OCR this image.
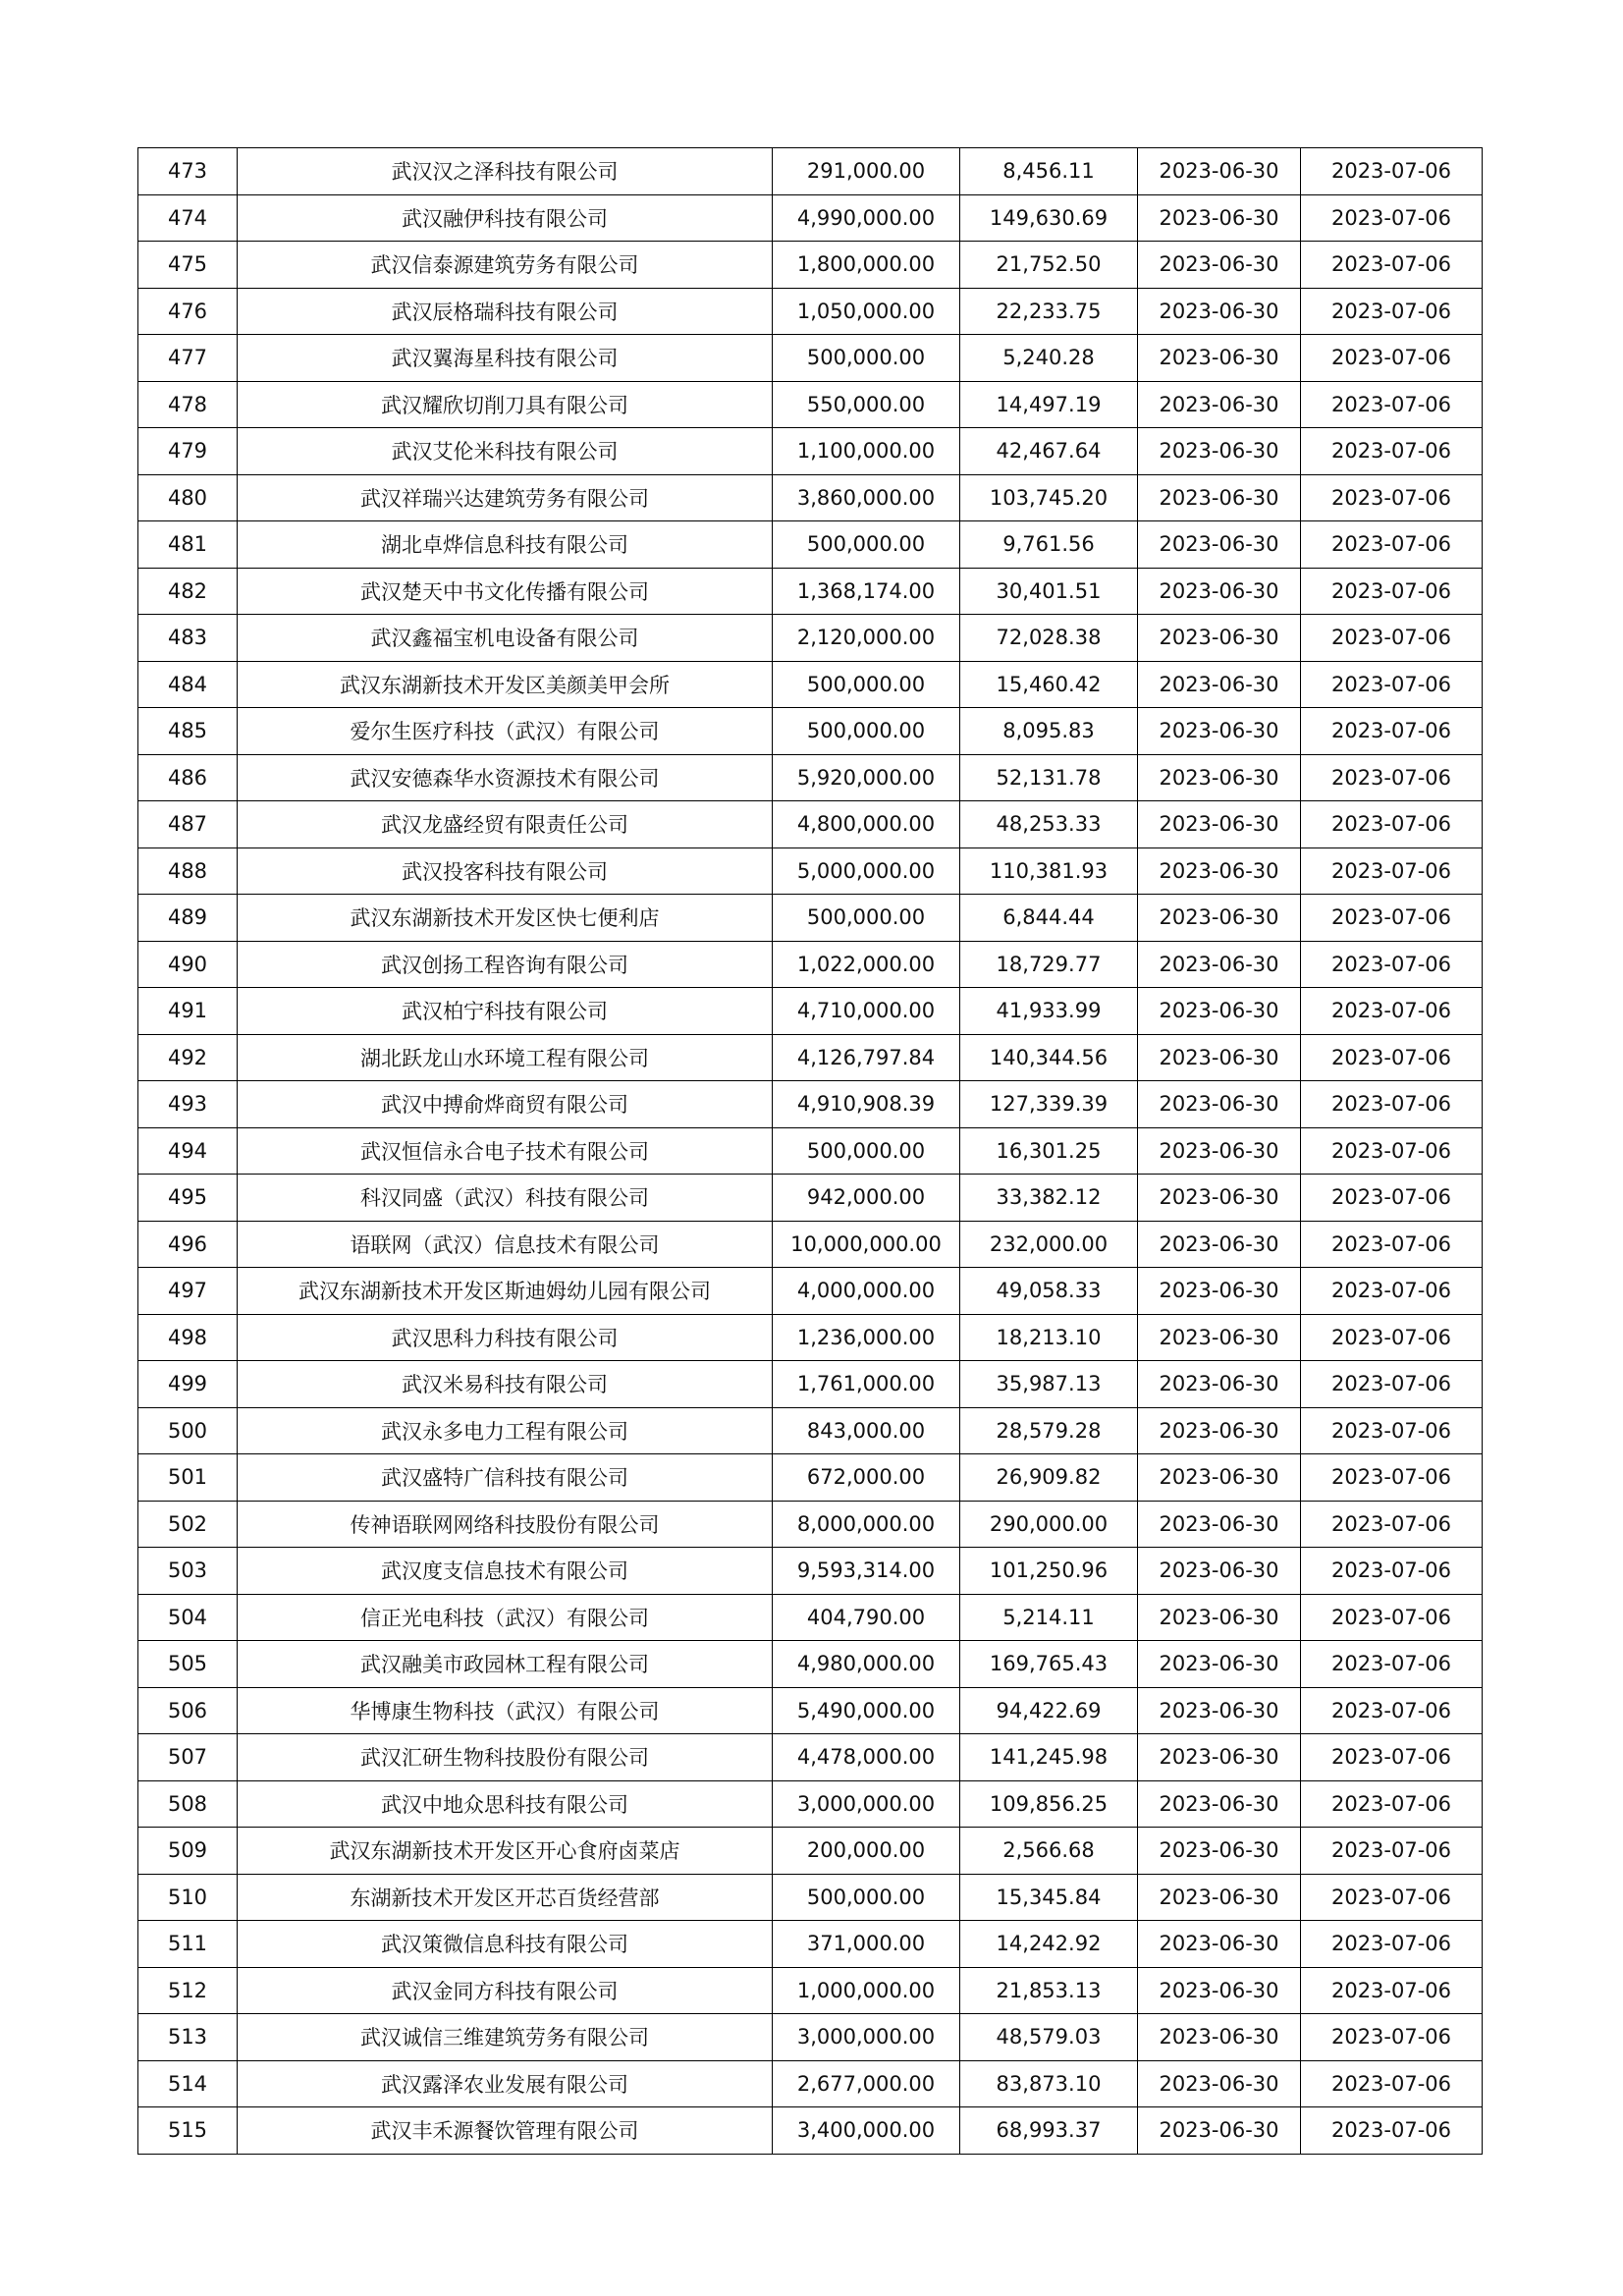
473	武汉汉之泽科技有限公司	291,000.00	8,456.11	2023-06-30	2023-07-06
474	武汉融伊科技有限公司	4,990,000.00	149,630.69	2023-06-30	2023-07-06
475	武汉信泰源建筑劳务有限公司	1,800,000.00	21,752.50	2023-06-30	2023-07-06
476	武汉辰格瑞科技有限公司	1,050,000.00	22,233.75	2023-06-30	2023-07-06
477	武汉翼海星科技有限公司	500,000.00	5,240.28	2023-06-30	2023-07-06
478	武汉耀欣切削刀具有限公司	550,000.00	14,497.19	2023-06-30	2023-07-06
479	武汉艾伦米科技有限公司	1,100,000.00	42,467.64	2023-06-30	2023-07-06
480	武汉祥瑞兴达建筑劳务有限公司	3,860,000.00	103,745.20	2023-06-30	2023-07-06
481	湖北卓烨信息科技有限公司	500,000.00	9,761.56	2023-06-30	2023-07-06
482	武汉楚天中书文化传播有限公司	1,368,174.00	30,401.51	2023-06-30	2023-07-06
483	武汉鑫福宝机电设备有限公司	2,120,000.00	72,028.38	2023-06-30	2023-07-06
484	武汉东湖新技术开发区美颜美甲会所	500,000.00	15,460.42	2023-06-30	2023-07-06
485	爱尔生医疗科技（武汉）有限公司	500,000.00	8,095.83	2023-06-30	2023-07-06
486	武汉安德森华水资源技术有限公司	5,920,000.00	52,131.78	2023-06-30	2023-07-06
487	武汉龙盛经贸有限责任公司	4,800,000.00	48,253.33	2023-06-30	2023-07-06
488	武汉投客科技有限公司	5,000,000.00	110,381.93	2023-06-30	2023-07-06
489	武汉东湖新技术开发区快七便利店	500,000.00	6,844.44	2023-06-30	2023-07-06
490	武汉创扬工程咨询有限公司	1,022,000.00	18,729.77	2023-06-30	2023-07-06
491	武汉柏宁科技有限公司	4,710,000.00	41,933.99	2023-06-30	2023-07-06
492	湖北跃龙山水环境工程有限公司	4,126,797.84	140,344.56	2023-06-30	2023-07-06
493	武汉中搏俞烨商贸有限公司	4,910,908.39	127,339.39	2023-06-30	2023-07-06
494	武汉恒信永合电子技术有限公司	500,000.00	16,301.25	2023-06-30	2023-07-06
495	科汉同盛（武汉）科技有限公司	942,000.00	33,382.12	2023-06-30	2023-07-06
496	语联网（武汉）信息技术有限公司	10,000,000.00	232,000.00	2023-06-30	2023-07-06
497	武汉东湖新技术开发区斯迪姆幼儿园有限公司	4,000,000.00	49,058.33	2023-06-30	2023-07-06
498	武汉思科力科技有限公司	1,236,000.00	18,213.10	2023-06-30	2023-07-06
499	武汉米易科技有限公司	1,761,000.00	35,987.13	2023-06-30	2023-07-06
500	武汉永多电力工程有限公司	843,000.00	28,579.28	2023-06-30	2023-07-06
501	武汉盛特广信科技有限公司	672,000.00	26,909.82	2023-06-30	2023-07-06
502	传神语联网网络科技股份有限公司	8,000,000.00	290,000.00	2023-06-30	2023-07-06
503	武汉度支信息技术有限公司	9,593,314.00	101,250.96	2023-06-30	2023-07-06
504	信正光电科技（武汉）有限公司	404,790.00	5,214.11	2023-06-30	2023-07-06
505	武汉融美市政园林工程有限公司	4,980,000.00	169,765.43	2023-06-30	2023-07-06
506	华博康生物科技（武汉）有限公司	5,490,000.00	94,422.69	2023-06-30	2023-07-06
507	武汉汇研生物科技股份有限公司	4,478,000.00	141,245.98	2023-06-30	2023-07-06
508	武汉中地众思科技有限公司	3,000,000.00	109,856.25	2023-06-30	2023-07-06
509	武汉东湖新技术开发区开心食府卤菜店	200,000.00	2,566.68	2023-06-30	2023-07-06
510	东湖新技术开发区开芯百货经营部	500,000.00	15,345.84	2023-06-30	2023-07-06
511	武汉策微信息科技有限公司	371,000.00	14,242.92	2023-06-30	2023-07-06
512	武汉金同方科技有限公司	1,000,000.00	21,853.13	2023-06-30	2023-07-06
513	武汉诚信三维建筑劳务有限公司	3,000,000.00	48,579.03	2023-06-30	2023-07-06
514	武汉露泽农业发展有限公司	2,677,000.00	83,873.10	2023-06-30	2023-07-06
515	武汉丰禾源餐饮管理有限公司	3,400,000.00	68,993.37	2023-06-30	2023-07-06
